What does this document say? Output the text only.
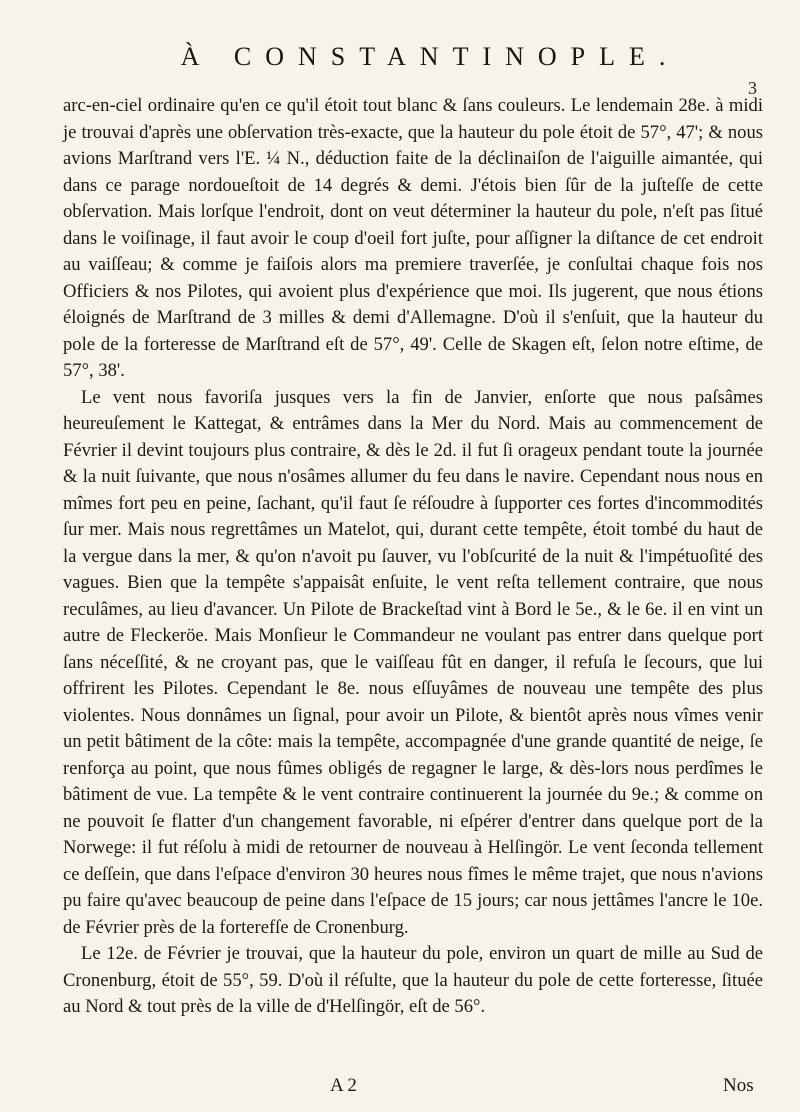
À CONSTANTINOPLE.
3

arc-en-ciel ordinaire qu'en ce qu'il étoit tout blanc & ſans couleurs. Le lendemain 28e. à midi je trouvai d'après une obſervation très-exacte, que la hauteur du pole étoit de 57°, 47'; & nous avions Marſtrand vers l'E. ¼ N., déduction faite de la déclinaiſon de l'aiguille aimantée, qui dans ce parage nordoueſtoit de 14 degrés & demi. J'étois bien ſûr de la juſteſſe de cette obſervation. Mais lorſque l'endroit, dont on veut déterminer la hauteur du pole, n'eſt pas ſitué dans le voiſinage, il faut avoir le coup d'oeil fort juſte, pour aſſigner la diſtance de cet endroit au vaiſſeau; & comme je faiſois alors ma premiere traverſée, je conſultai chaque fois nos Officiers & nos Pilotes, qui avoient plus d'expérience que moi. Ils jugerent, que nous étions éloignés de Marſtrand de 3 milles & demi d'Allemagne. D'où il s'enſuit, que la hauteur du pole de la forteresse de Marſtrand eſt de 57°, 49'. Celle de Skagen eſt, ſelon notre eſtime, de 57°, 38'.

Le vent nous favoriſa jusques vers la fin de Janvier, enſorte que nous paſsâmes heureuſement le Kattegat, & entrâmes dans la Mer du Nord. Mais au commencement de Février il devint toujours plus contraire, & dès le 2d. il fut ſi orageux pendant toute la journée & la nuit ſuivante, que nous n'osâmes allumer du feu dans le navire. Cependant nous nous en mîmes fort peu en peine, ſachant, qu'il faut ſe réſoudre à ſupporter ces fortes d'incommodités ſur mer. Mais nous regrettâmes un Matelot, qui, durant cette tempête, étoit tombé du haut de la vergue dans la mer, & qu'on n'avoit pu ſauver, vu l'obſcurité de la nuit & l'impétuoſité des vagues. Bien que la tempête s'appaisât enſuite, le vent reſta tellement contraire, que nous reculâmes, au lieu d'avancer. Un Pilote de Brackeſtad vint à Bord le 5e., & le 6e. il en vint un autre de Fleckeröe. Mais Monſieur le Commandeur ne voulant pas entrer dans quelque port ſans néceſſité, & ne croyant pas, que le vaiſſeau fût en danger, il refuſa le ſecours, que lui offrirent les Pilotes. Cependant le 8e. nous eſſuyâmes de nouveau une tempête des plus violentes. Nous donnâmes un ſignal, pour avoir un Pilote, & bientôt après nous vîmes venir un petit bâtiment de la côte: mais la tempête, accompagnée d'une grande quantité de neige, ſe renforça au point, que nous fûmes obligés de regagner le large, & dès-lors nous perdîmes le bâtiment de vue. La tempête & le vent contraire continuerent la journée du 9e.; & comme on ne pouvoit ſe flatter d'un changement favorable, ni eſpérer d'entrer dans quelque port de la Norwege: il fut réſolu à midi de retourner de nouveau à Helſingör. Le vent ſeconda tellement ce deſſein, que dans l'eſpace d'environ 30 heures nous fîmes le même trajet, que nous n'avions pu faire qu'avec beaucoup de peine dans l'eſpace de 15 jours; car nous jettâmes l'ancre le 10e. de Février près de la forterefſe de Cronenburg.

Le 12e. de Février je trouvai, que la hauteur du pole, environ un quart de mille au Sud de Cronenburg, étoit de 55°, 59. D'où il réſulte, que la hauteur du pole de cette forteresse, ſituée au Nord & tout près de la ville de d'Helſingör, eſt de 56°.

A 2	Nos
